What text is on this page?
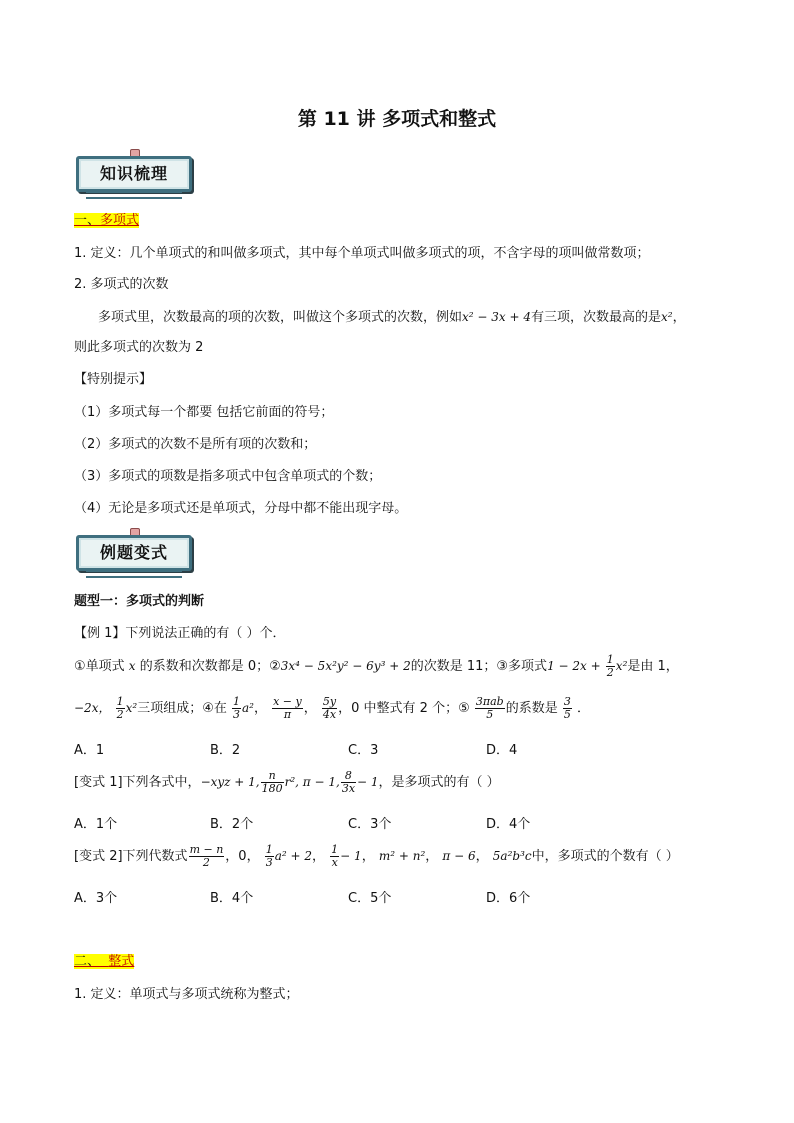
第 11 讲 多项式和整式
知识梳理
一、多项式
1. 定义：几个单项式的和叫做多项式，其中每个单项式叫做多项式的项，不含字母的项叫做常数项；
2. 多项式的次数
多项式里，次数最高的项的次数，叫做这个多项式的次数，例如x² − 3x + 4有三项，次数最高的是x²，
则此多项式的次数为 2
【特别提示】
（1）多项式每一个都要 包括它前面的符号；
（2）多项式的次数不是所有项的次数和；
（3）多项式的项数是指多项式中包含单项式的个数；
（4）无论是多项式还是单项式，分母中都不能出现字母。
例题变式
题型一：多项式的判断
【例 1】下列说法正确的有（ ）个．
①单项式 x 的系数和次数都是 0；②3x⁴ − 5x²y² − 6y³ + 2的次数是 11；③多项式$1 - 2x + \frac{1}{2} x^2$是由 1，
−2x， $\frac{1}{2} x^2$三项组成；④在 $\frac{1}{3} a^2$， $\frac{x - y}{\pi}$ ， $\frac{5y}{4x}$ ，0 中整式有 2 个；⑤ $\frac{\text{3πab}}{5}$ 的系数是 $\frac{3}{5}$ ．
A．1	B．2	C．3	D．4
[变式 1]下列各式中，−xyz + 1, $\frac{n}{180} r^2$, π − 1, $\frac{8}{3x} - 1$，是多项式的有（ ）
A．1个	B．2个	C．3个	D．4个
[变式 2]下列代数式 $\frac{m - n}{2}$ ，0， $\frac{1}{3} a^2 + 2$， $\frac{1}{x} - 1$， m² + n²， π − 6， 5a²b³c中，多项式的个数有（ ）
A．3个	B．4个	C．5个	D．6个
二、 整式
1. 定义：单项式与多项式统称为整式；
